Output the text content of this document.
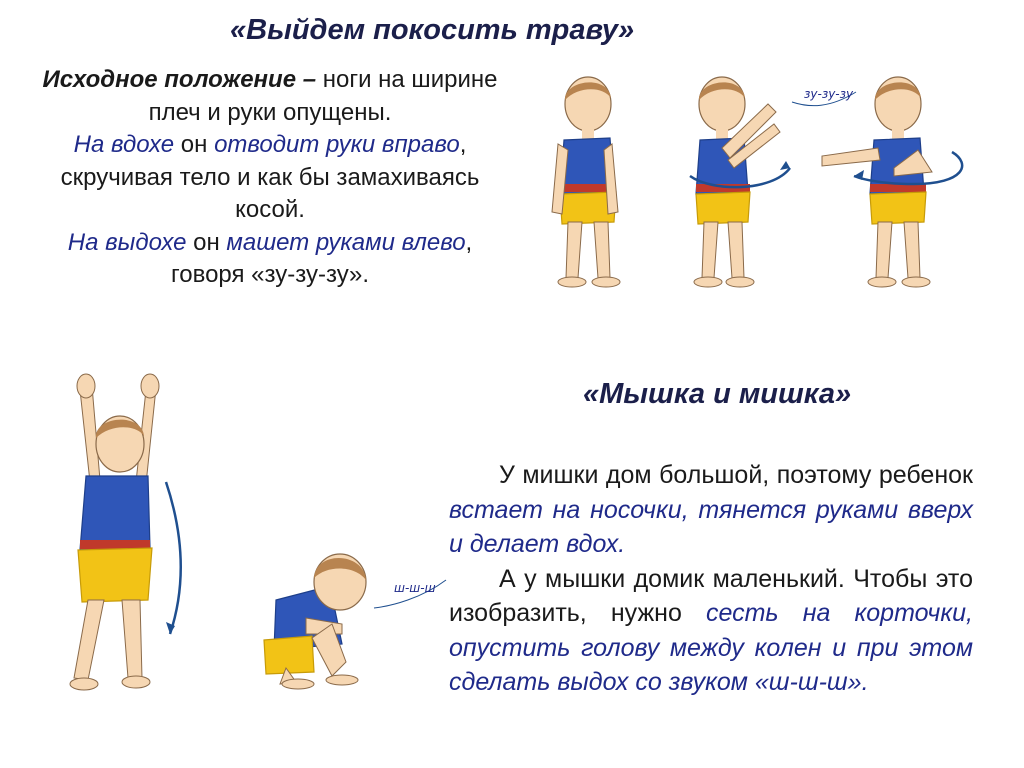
«Выйдем покосить траву»
Исходное положение – ноги на ширине плеч и руки опущены.
На вдохе он отводит руки вправо, скручивая тело и как бы замахиваясь косой.
На выдохе он машет руками влево, говоря «зу-зу-зу».
«Мышка и мишка»

У мишки дом большой, поэтому ребенок встает на носочки, тянется руками вверх и делает вдох.

А у мышки домик маленький. Чтобы это изобразить, нужно сесть на корточки, опустить голову между колен и при этом сделать выдох со звуком «ш-ш-ш».

зу-зу-зу
ш-ш-ш
